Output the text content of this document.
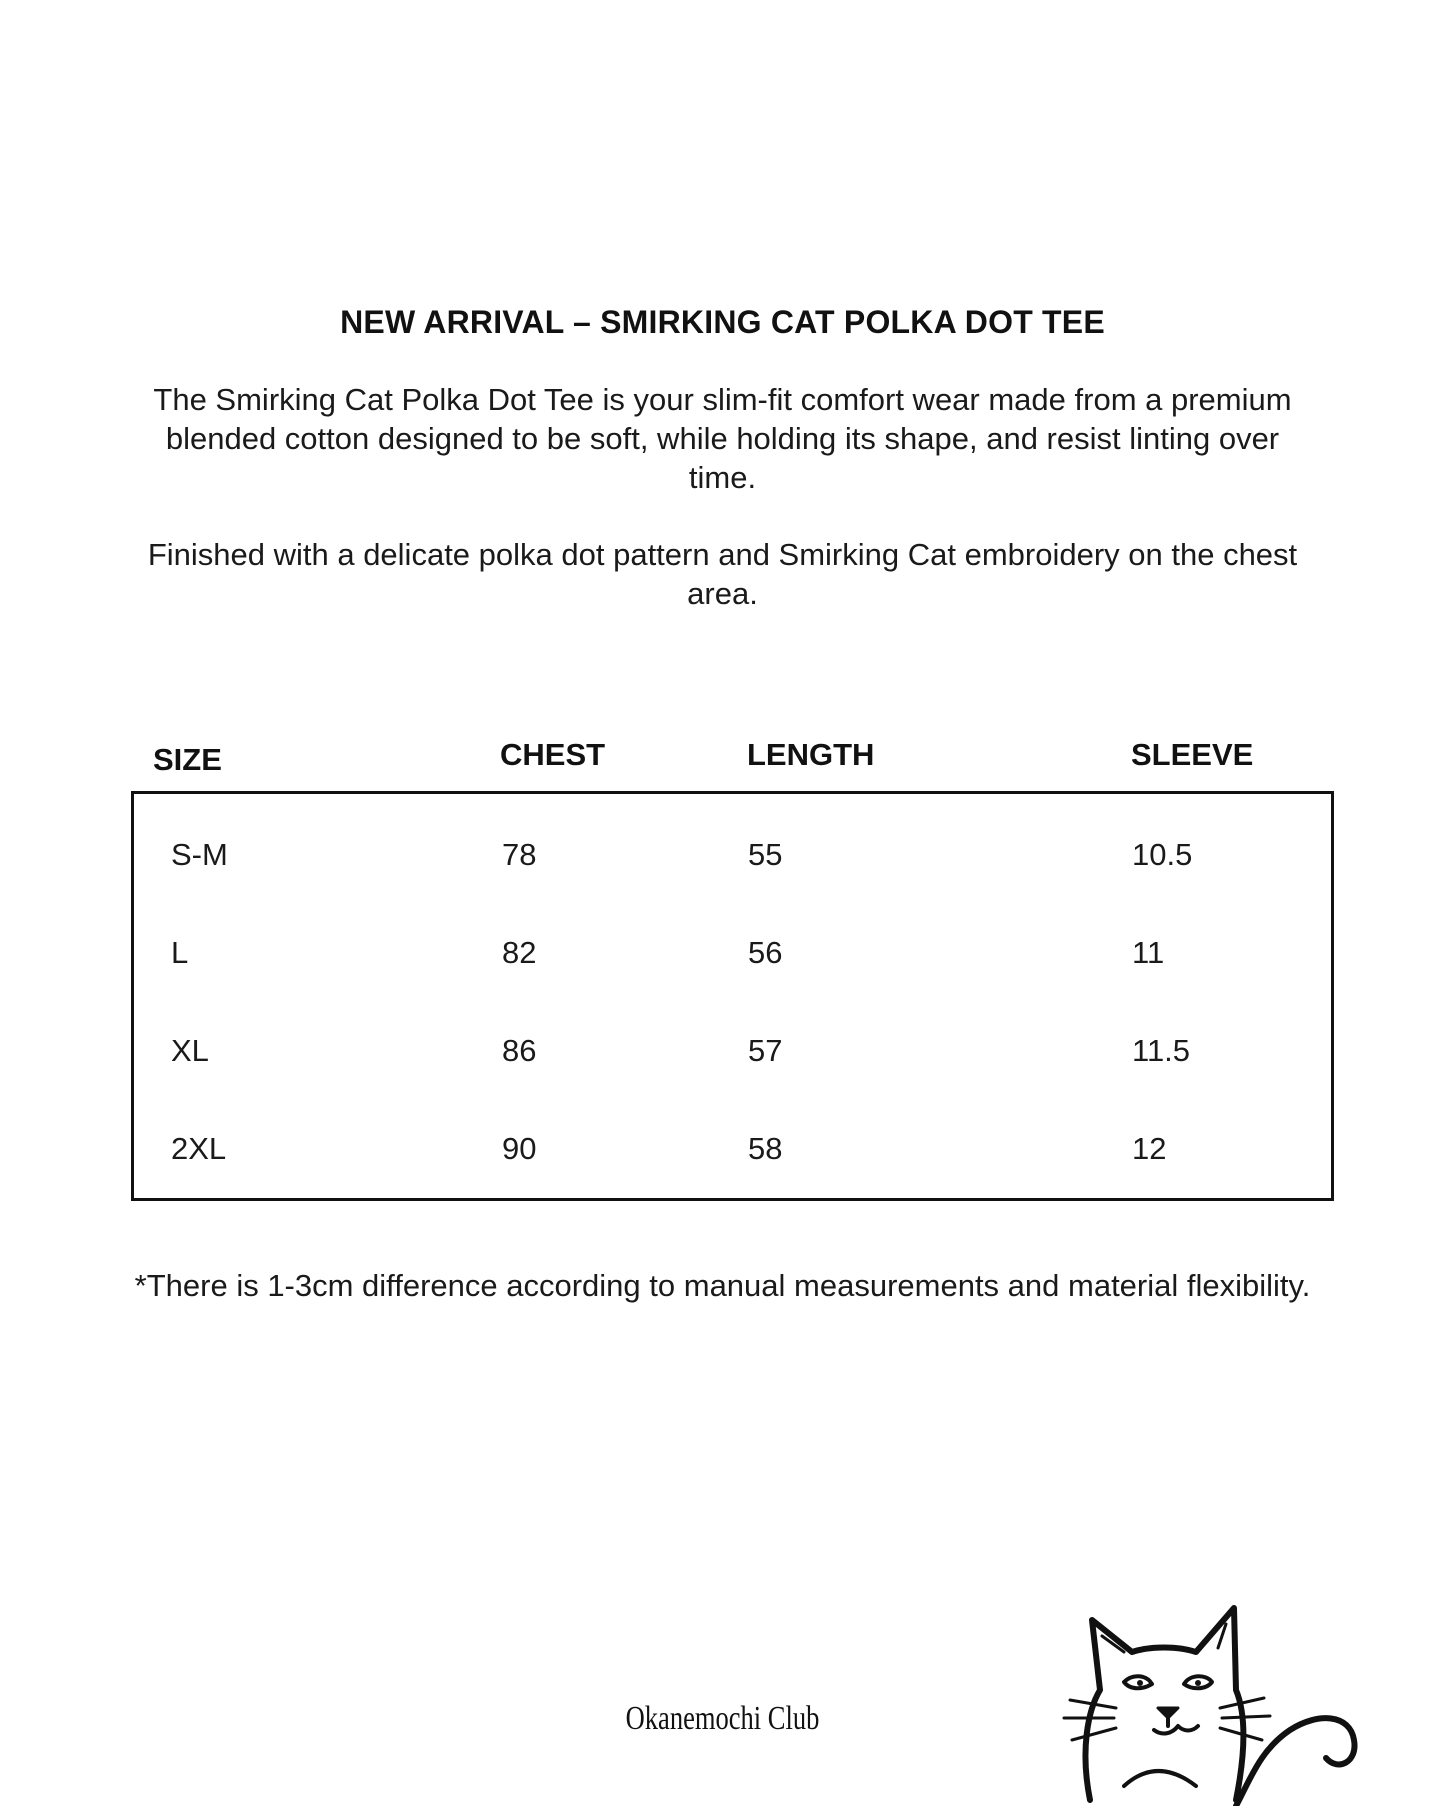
NEW ARRIVAL – SMIRKING CAT POLKA DOT TEE
The Smirking Cat Polka Dot Tee is your slim-fit comfort wear made from a premium blended cotton designed to be soft, while holding its shape, and resist linting over time.
Finished with a delicate polka dot pattern and Smirking Cat embroidery on the chest area.
SIZE	CHEST	LENGTH	SLEEVE
S-M	78	55	10.5
L	82	56	11
XL	86	57	11.5
2XL	90	58	12
*There is 1-3cm difference according to manual measurements and material flexibility.
Okanemochi Club
